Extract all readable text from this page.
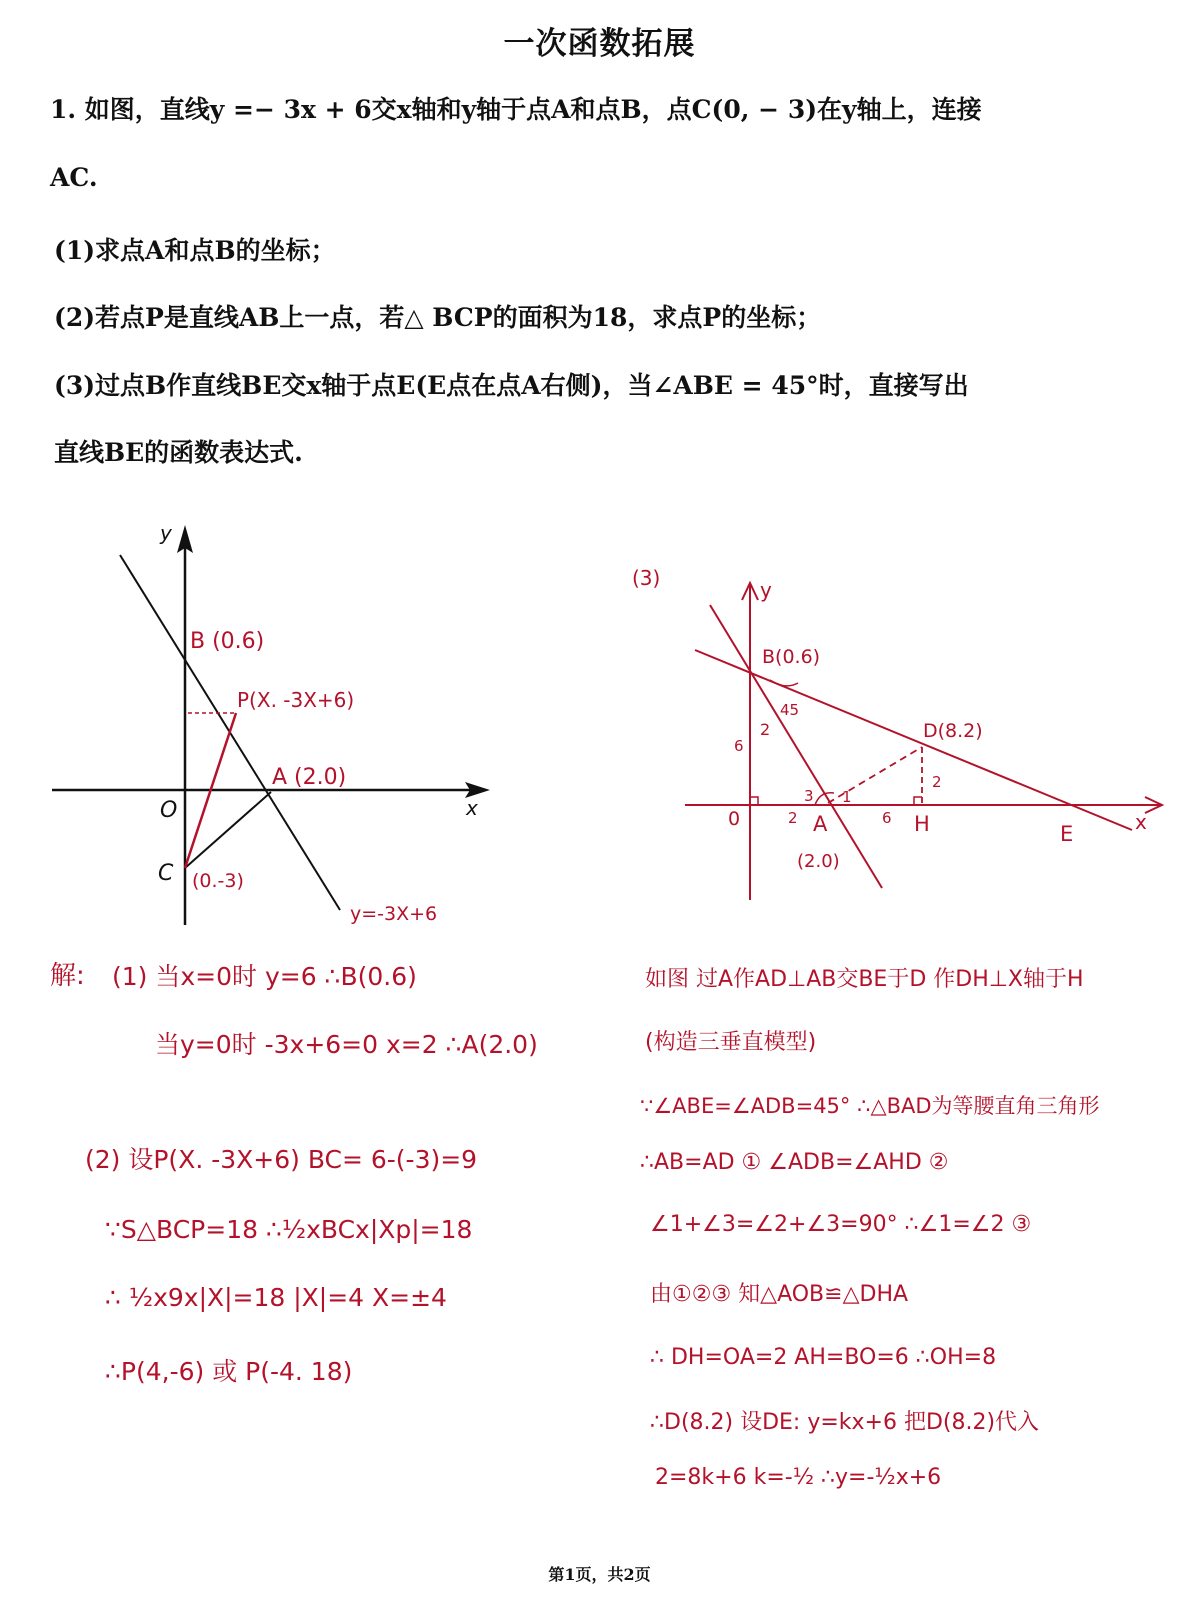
一次函数拓展
1. 如图，直线y =− 3x + 6交x轴和y轴于点A和点B，点C(0, − 3)在y轴上，连接
AC.
(1)求点A和点B的坐标；
(2)若点P是直线AB上一点，若△ BCP的面积为18，求点P的坐标；
(3)过点B作直线BE交x轴于点E(E点在点A右侧)，当∠ABE = 45°时，直接写出
直线BE的函数表达式.
y
x
O
B (0.6)
P(X. -3X+6)
A (2.0)
C (0.-3)
y=-3X+6
(3)	y
x
0
B(0.6)
45
2
6
D(8.2)
2
3 1
2 A
(2.0)
6 H	E
解: (1) 当x=0时 y=6 ∴B(0.6)
当y=0时 -3x+6=0 x=2 ∴A(2.0)
(2) 设P(X. -3X+6) BC= 6-(-3)=9
∵S△BCP=18 ∴½xBCx|Xp|=18
∴ ½x9x|X|=18 |X|=4 X=±4
∴P(4,-6) 或 P(-4. 18)
如图 过A作AD⊥AB交BE于D 作DH⊥X轴于H
(构造三垂直模型)
∵∠ABE=∠ADB=45° ∴△BAD为等腰直角三角形
∴AB=AD ① ∠ADB=∠AHD ②
∠1+∠3=∠2+∠3=90° ∴∠1=∠2 ③
由①②③ 知△AOB≌△DHA
∴ DH=OA=2 AH=BO=6 ∴OH=8
∴D(8.2) 设DE: y=kx+6 把D(8.2)代入
2=8k+6 k=-½ ∴y=-½x+6
第1页，共2页
